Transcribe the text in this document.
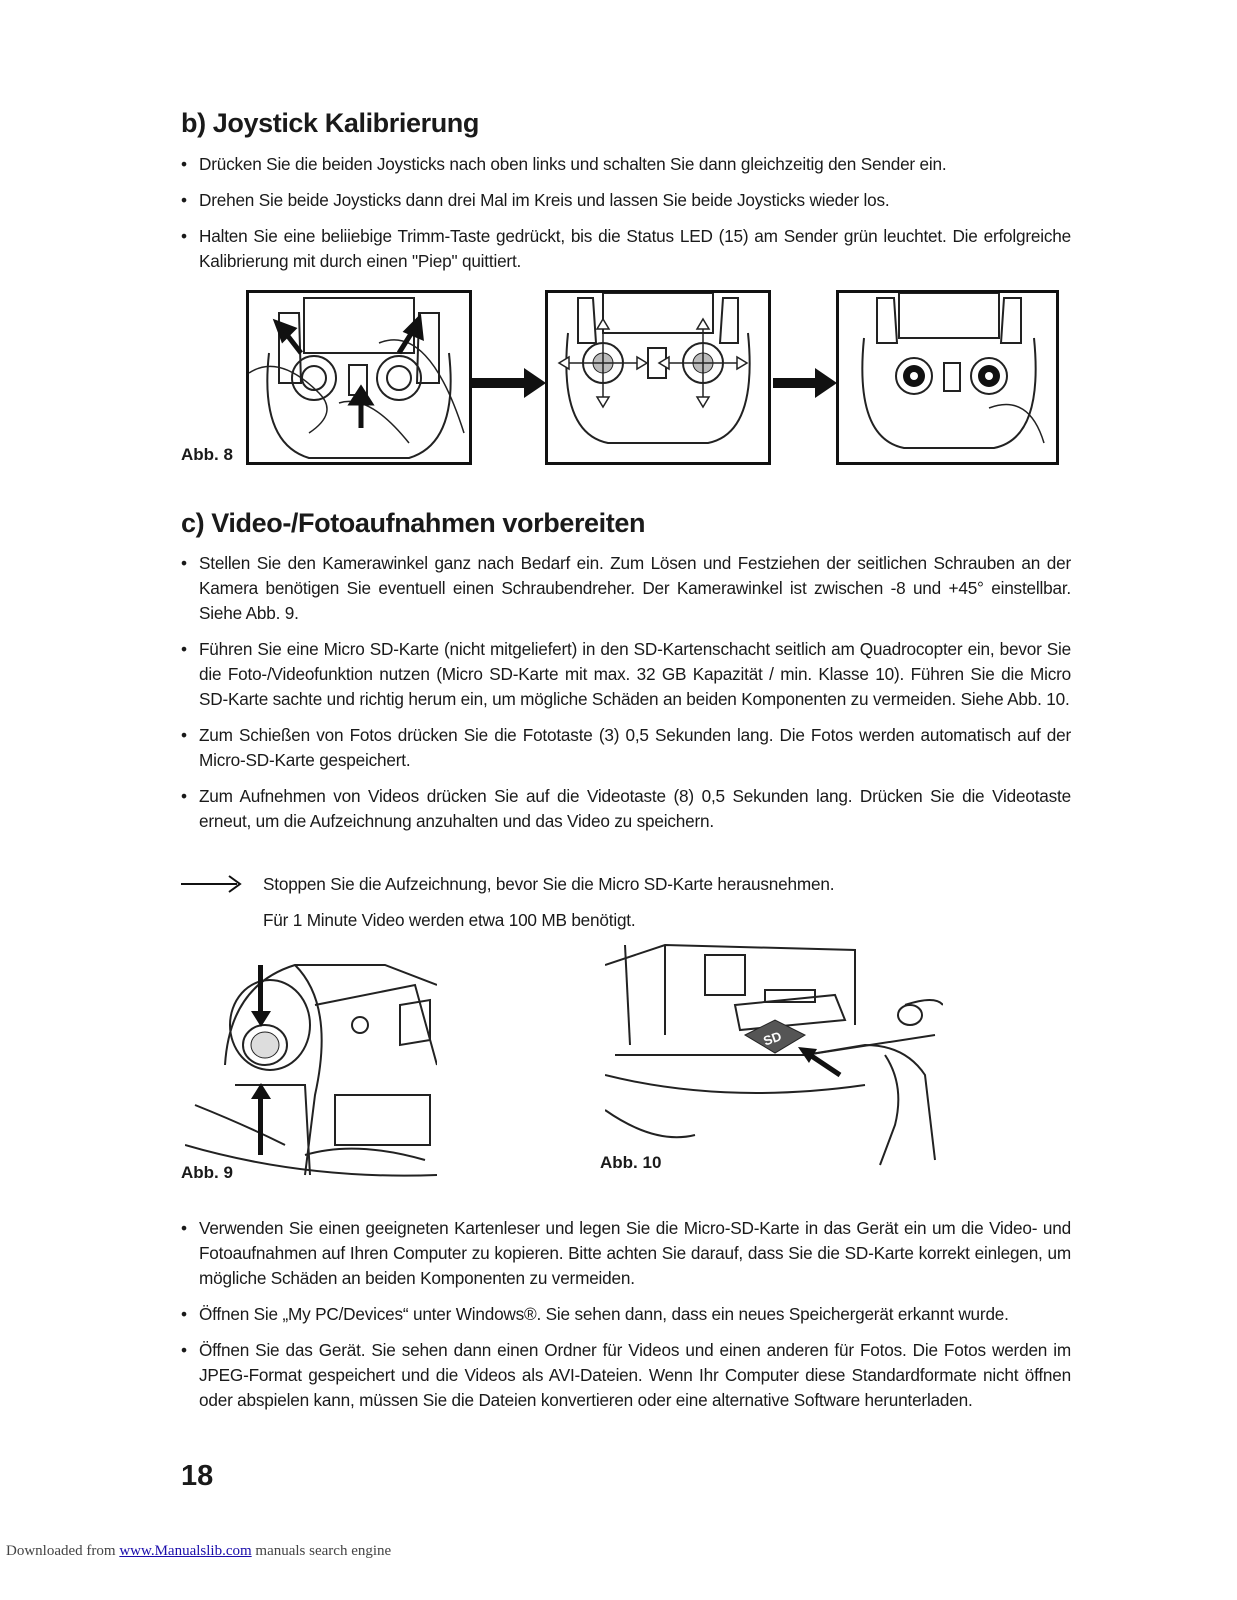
b) Joystick Kalibrierung
• Drücken Sie die beiden Joysticks nach oben links und schalten Sie dann gleichzeitig den Sender ein.
• Drehen Sie beide Joysticks dann drei Mal im Kreis und lassen Sie beide Joysticks wieder los.
• Halten Sie eine beliiebige Trimm-Taste gedrückt, bis die Status LED (15) am Sender grün leuchtet. Die erfolgreiche Kalibrierung mit durch einen "Piep" quittiert.
Abb. 8
c) Video-/Fotoaufnahmen vorbereiten
• Stellen Sie den Kamerawinkel ganz nach Bedarf ein. Zum Lösen und Festziehen der seitlichen Schrauben an der Kamera benötigen Sie eventuell einen Schraubendreher. Der Kamerawinkel ist zwischen -8 und +45° einstellbar. Siehe Abb. 9.
• Führen Sie eine Micro SD-Karte (nicht mitgeliefert) in den SD-Kartenschacht seitlich am Quadrocopter ein, bevor Sie die Foto-/Videofunktion nutzen (Micro SD-Karte mit max. 32 GB Kapazität / min. Klasse 10). Führen Sie die Micro SD-Karte sachte und richtig herum ein, um mögliche Schäden an beiden Komponenten zu vermeiden. Siehe Abb. 10.
• Zum Schießen von Fotos drücken Sie die Fototaste (3) 0,5 Sekunden lang. Die Fotos werden automatisch auf der Micro-SD-Karte gespeichert.
• Zum Aufnehmen von Videos drücken Sie auf die Videotaste (8) 0,5 Sekunden lang. Drücken Sie die Videotaste erneut, um die Aufzeichnung anzuhalten und das Video zu speichern.
Stoppen Sie die Aufzeichnung, bevor Sie die Micro SD-Karte herausnehmen.
Für 1 Minute Video werden etwa 100 MB benötigt.
Abb. 9
SD
Abb. 10
• Verwenden Sie einen geeigneten Kartenleser und legen Sie die Micro-SD-Karte in das Gerät ein um die Video- und Fotoaufnahmen auf Ihren Computer zu kopieren. Bitte achten Sie darauf, dass Sie die SD-Karte korrekt einlegen, um mögliche Schäden an beiden Komponenten zu vermeiden.
• Öffnen Sie „My PC/Devices“ unter Windows®. Sie sehen dann, dass ein neues Speichergerät erkannt wurde.
• Öffnen Sie das Gerät. Sie sehen dann einen Ordner für Videos und einen anderen für Fotos. Die Fotos werden im JPEG-Format gespeichert und die Videos als AVI-Dateien. Wenn Ihr Computer diese Standardformate nicht öffnen oder abspielen kann, müssen Sie die Dateien konvertieren oder eine alternative Software herunterladen.
18
Downloaded from www.Manualslib.com manuals search engine
